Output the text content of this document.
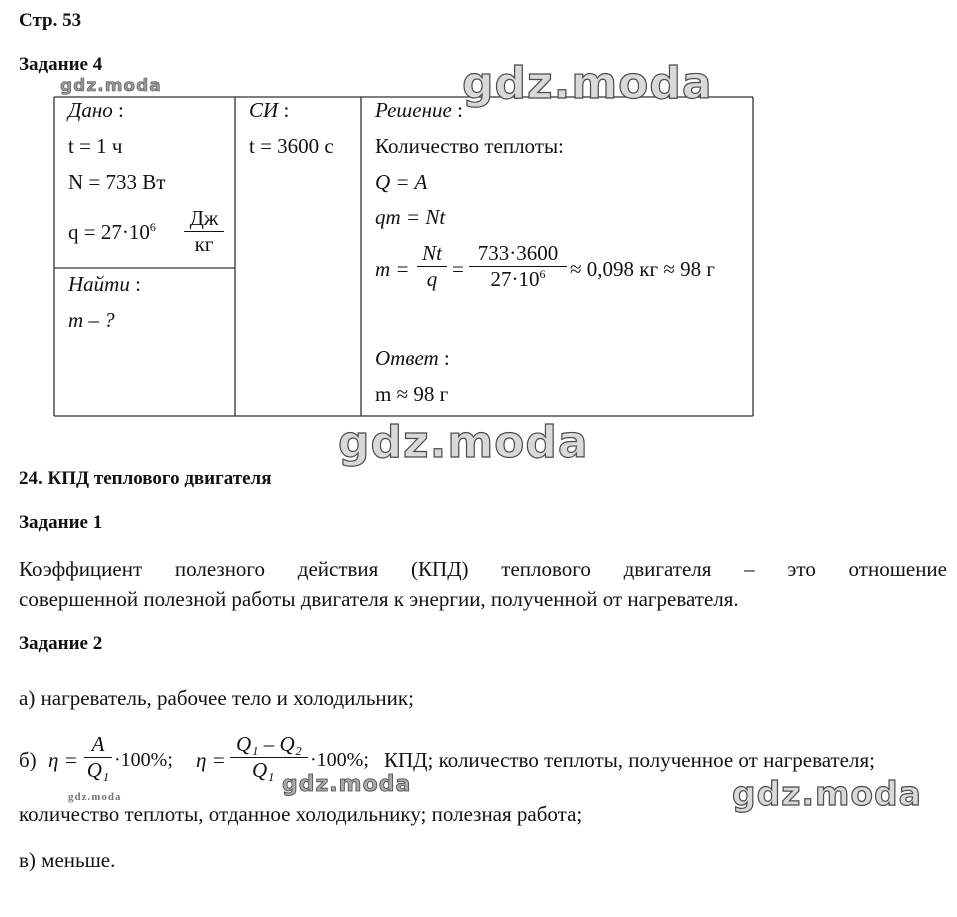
Стр. 53
Задание 4
Дано :
t = 1 ч
N = 733 Вт
$q = 27\cdot 10^6$ Дж
кг
Найти :
m – ?
СИ :
t = 3600 с
Решение :
Количество теплоты:
Q = A
qm = Nt
$m = \frac{Nt}{q} = \frac{733\cdot 3600}{27\cdot 10^6} \approx 0,098$ кг ≈ 98 г
Ответ :
m ≈ 98 г
24. КПД теплового двигателя
Задание 1
Коэффициент полезного действия (КПД) теплового двигателя – это отношение
совершенной полезной работы двигателя к энергии, полученной от нагревателя.
Задание 2
а) нагреватель, рабочее тело и холодильник;
б) $\eta = \frac{A}{\text{Q₁}} \cdot 100\%$; $\eta = \frac{\text{Q₁ – Q₂}}{\text{Q₁}} \cdot 100\%$; КПД; количество теплоты, полученное от нагревателя;
количество теплоты, отданное холодильнику; полезная работа;
в) меньше.
gdz.moda	gdz.moda
gdz.moda
gdz.moda	gdz.moda
gdz.moda
